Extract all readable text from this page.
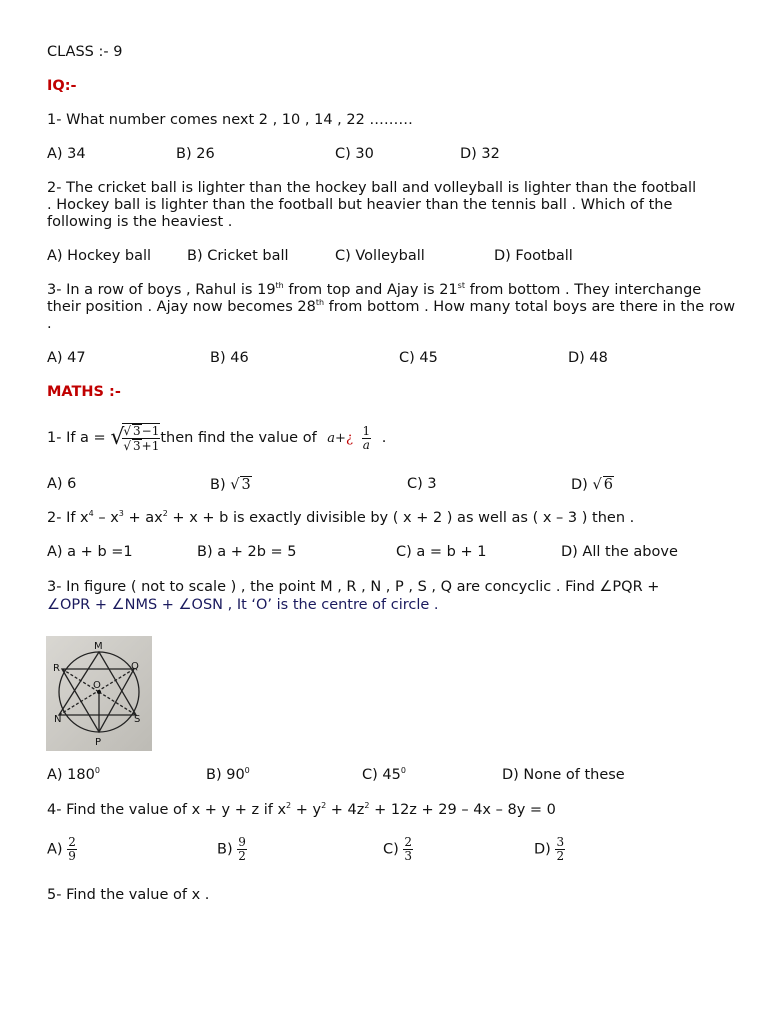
CLASS :- 9
IQ:-
1- What number comes next 2 , 10 , 14 , 22 ………
A) 34	B) 26	C) 30	D) 32
2- The cricket ball is lighter than the hockey ball and volleyball is lighter than the football . Hockey ball is lighter than the football but heavier than the tennis ball . Which of the following is the heaviest .
A) Hockey ball B) Cricket ball	C) Volleyball	D) Football
3- In a row of boys , Rahul is 19th from top and Ajay is 21st from bottom . They interchange their position . Ajay now becomes 28th from bottom . How many total boys are there in the row .
A) 47	B) 46	C) 45	D) 48
MATHS :-
1- If a = √
$\frac{√ 3-1}{√ 3+1}$ then find the value of a+¿ $\frac{1}{a}$ .
A) 6	B) √ 3	C) 3	D) √ 6
2- If $x^4 - x^3 + ax^2 + x + b$ is exactly divisible by ( x + 2 ) as well as ( x – 3 ) then .
A) a + b =1	B) a + 2b = 5	C) a = b + 1	D) All the above
3- In figure ( not to scale ) , the point M , R , N , P , S , Q are concyclic . Find ∠PQR +
∠OPR + ∠NMS + ∠OSN , It ‘O’ is the centre of circle .
M
R	Q
O
N	S
P
A) $180^0$	B) $90^0$	C) $45^0$	D) None of these
4- Find the value of x + y + z if $x^2 + y^2 + 4z^2 + 12z + 29 - 4x - 8y = 0$
$A) \frac{2}{9}$	$B) \frac{9}{2}$	$C) \frac{2}{3}$	$D) \frac{3}{2}$
5- Find the value of x .
